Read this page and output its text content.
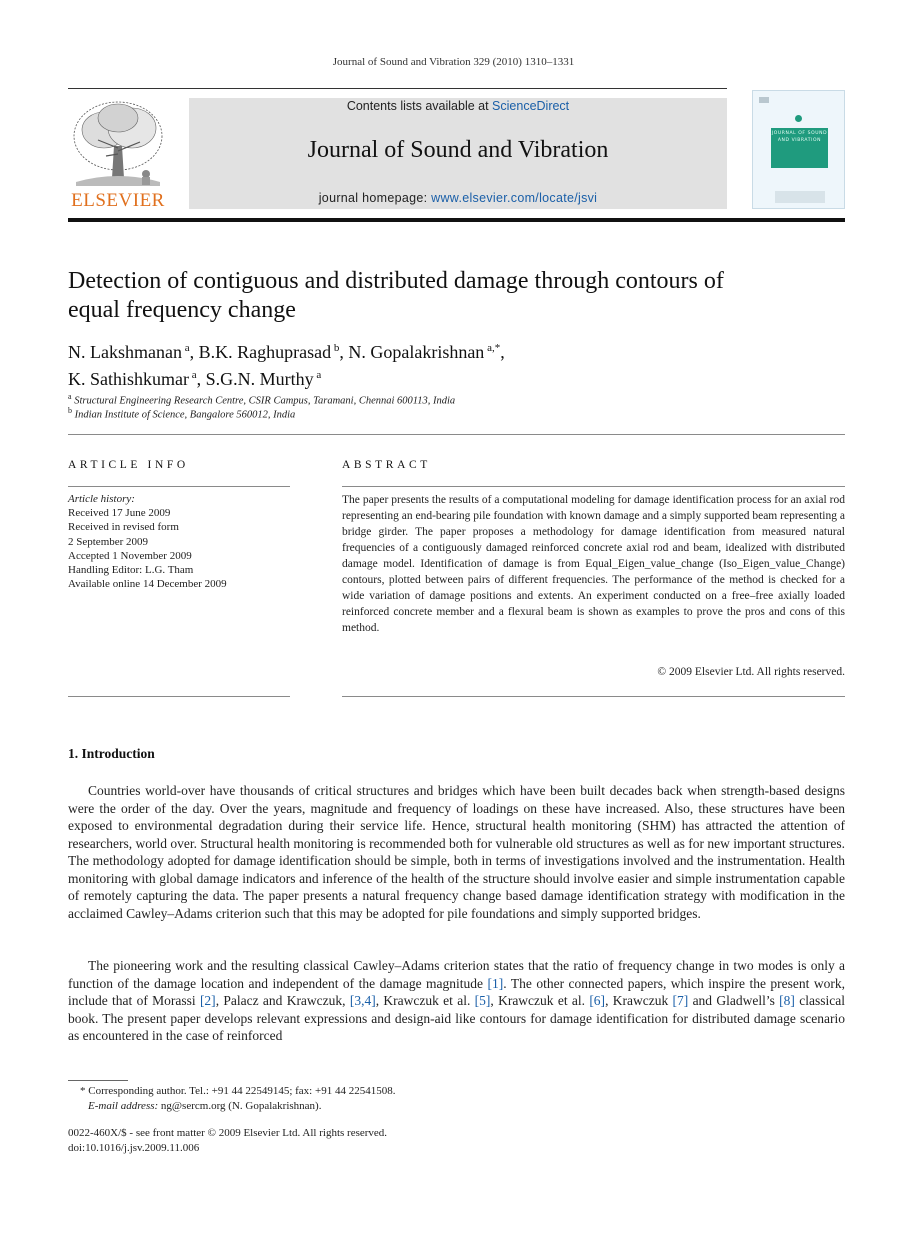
Journal of Sound and Vibration 329 (2010) 1310–1331
ELSEVIER
Contents lists available at ScienceDirect
Journal of Sound and Vibration
journal homepage: www.elsevier.com/locate/jsvi
JOURNAL OF SOUND AND VIBRATION
Detection of contiguous and distributed damage through contours of equal frequency change
N. Lakshmanan $^a$, B.K. Raghuprasad $^b$, N. Gopalakrishnan $^{a,*}$,
K. Sathishkumar $^a$, S.G.N. Murthy $^a$
$^a$ Structural Engineering Research Centre, CSIR Campus, Taramani, Chennai 600113, India
$^b$ Indian Institute of Science, Bangalore 560012, India
ARTICLE INFO
Article history:
Received 17 June 2009
Received in revised form
2 September 2009
Accepted 1 November 2009
Handling Editor: L.G. Tham
Available online 14 December 2009
ABSTRACT

The paper presents the results of a computational modeling for damage identification process for an axial rod representing an end-bearing pile foundation with known damage and a simply supported beam representing a bridge girder. The paper proposes a methodology for damage identification from measured natural frequencies of a contiguously damaged reinforced concrete axial rod and beam, idealized with distributed damage model. Identification of damage is from Equal_Eigen_value_change (Iso_Eigen_value_Change) contours, plotted between pairs of different frequencies. The performance of the method is checked for a wide variation of damage positions and extents. An experiment conducted on a free–free axially loaded reinforced concrete member and a flexural beam is shown as examples to prove the pros and cons of this method.

© 2009 Elsevier Ltd. All rights reserved.
1. Introduction

Countries world-over have thousands of critical structures and bridges which have been built decades back when strength-based designs were the order of the day. Over the years, magnitude and frequency of loadings on these have increased. Also, these structures have been exposed to environmental degradation during their service life. Hence, structural health monitoring (SHM) has attracted the attention of researchers, world over. Structural health monitoring is recommended both for vulnerable old structures as well as for new important structures. The methodology adopted for damage identification should be simple, both in terms of investigations involved and the instrumentation. Health monitoring with global damage indicators and inference of the health of the structure should involve easier and simple instrumentation capable of remotely capturing the data. The paper presents a natural frequency change based damage identification strategy with modification in the acclaimed Cawley–Adams criterion such that this may be adopted for pile foundations and simply supported bridges.

The pioneering work and the resulting classical Cawley–Adams criterion states that the ratio of frequency change in two modes is only a function of the damage location and independent of the damage magnitude [1]. The other connected papers, which inspire the present work, include that of Morassi [2], Palacz and Krawczuk, [3,4], Krawczuk et al. [5], Krawczuk et al. [6], Krawczuk [7] and Gladwell’s [8] classical book. The present paper develops relevant expressions and design-aid like contours for damage identification for distributed damage scenario as encountered in the case of reinforced

* Corresponding author. Tel.: +91 44 22549145; fax: +91 44 22541508.
E-mail address: ng@sercm.org (N. Gopalakrishnan).
0022-460X/$ - see front matter © 2009 Elsevier Ltd. All rights reserved.
doi:10.1016/j.jsv.2009.11.006
